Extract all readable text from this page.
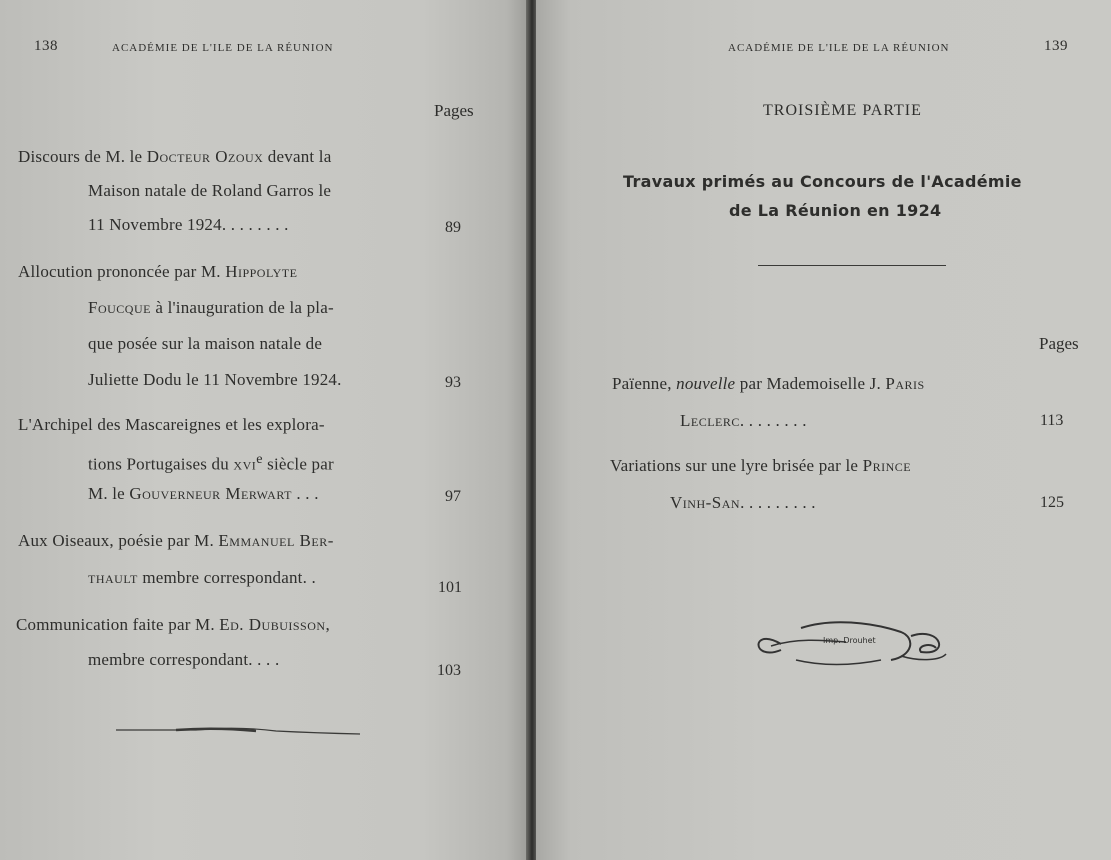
138	ACADÉMIE DE L'ILE DE LA RÉUNION
Pages
Discours de M. le Docteur Ozoux devant la
Maison natale de Roland Garros le
11 Novembre 1924. . . . . . . .	89
Allocution prononcée par M. Hippolyte
Foucque à l'inauguration de la pla-
que posée sur la maison natale de
Juliette Dodu le 11 Novembre 1924.	93
L'Archipel des Mascareignes et les explora-
tions Portugaises du xvi$^e$ siècle par
M. le Gouverneur Merwart . . .	97
Aux Oiseaux, poésie par M. Emmanuel Ber-
thault membre correspondant. .
101
Communication faite par M. Ed. Dubuisson,
membre correspondant. . . .
103
ACADÉMIE DE L'ILE DE LA RÉUNION	139
TROISIÈME PARTIE
Travaux primés au Concours de l'Académie
de La Réunion en 1924
Pages
Païenne, nouvelle par Mademoiselle J. Paris
Leclerc. . . . . . . .	113
Variations sur une lyre brisée par le Prince
Vinh-San. . . . . . . . .	125
Imp. Drouhet
